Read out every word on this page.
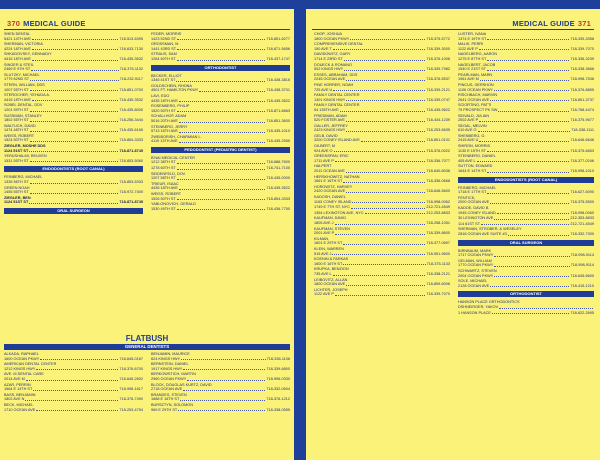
370 MEDICAL GUIDE
SHEN DENTAL
5421 14TH AVE	718-513-6395
SHERMAN, VICTORIA
4224 18TH AVE	718-633-7130
SHKADOVSKY, GENNADIY
4415 18TH AVE	718-435-3532
SINGER & STEIL
2469 E 9TH ST	718-376-1132
SLUTZKY, MICHAEL
1779 62ND ST	718-232-9117
STERN, WILLIAM, DDS
1007 55TH ST	718-851-0700
STEROCHER, YEHUDA A.
4415 18TH AVE	718-435-3532
SOBEL DENTAL, DDV
1201 59TH ST	718-435-8000
SUSSMAN, STANLEY
1802 55TH ST	718-256-3444
WALTUCH, DAVID
1474 48TH ST	718-435-6166
WEISS, ROBERT
1524 50TH ST	718-854-3333
ZIEGLER, MOSHE DDS
1124 51ST ST	718-871-8745
YERUSHALMI, REUVEN
1531 55TH ST	718-853-5060
ENDODONTISTS (ROOT CANAL)
FEINBERG, MICHAEL
1335 56TH ST	718-853-5333
GREEN NOAH
1455 55TH ST	718-972-7400
ZIEGLER, BEN
1124 51ST ST	718-871-8745
ORAL SURGEON
FEDER, MORRIS
1423 52ND ST	718-851-6277
GROSSMAN, M
1441 43RD ST	718-871-5656
STRAUS, SAM
1264 60TH ST	718-437-1747
ORTHODONTIST
BECKER, ELLIOT
1346 41ST ST	718-438-3816
GOLDSCHEIN, RHONA
4501 FT. HAMILTON PKWY	718-438-3701
LAVI, EDO
4435 18TH AVE	718-435-3522
ROSENBERG, PHILIP
1520 50TH ST	718-871-6663
SCHALLHOF, ADAM
5016 20TH AVE	718-851-3600
STEINBERG, JERRY
5713 16TH AVE	718-435-1010
ZWEIBORISH, CHARMIAN L.
4119 13TH AVE	718-435-2555
PEDODONTIST (PEDIATRIC DENTIST)
B'NAI MEDICAL CENTER
1212 38TH ST	718-686-7600
1278 60TH ST	718-741-7100
SEIDENFELD, DOV
1207 58TH ST	718-435-0000
TRIEUR, ISAAC
4435 18TH AVE	718-435-3522
WEISS, ROBERT
1526 50TH ST	718-854-3333
YABLONOVICH, GERALD
1530 49TH ST	718-436-7750
FLATBUSH
GENERAL DENTISTS
ALKADA, RAPHAEL
1600 OCEAN PKWY	718-645-0167
AMERICAN DENTAL CENTER
1212 KINGS HWY	718-376-6700
AVE. M DENTAL CARE
2014 AVE M	718-645-2602
AZAR, PERRIN
1664 E 14TH ST	718-998-1617
BASS, BENJAMIN
1802 AVE N	718-376-7490
BECK, MICHAEL
1710 OCEAN AVE	718-253-4754
BENJAMIN, MAURICE
624 KINGS HWY	718-336-1106
BERNSTEIN, DANIEL
1917 KINGS HWY	718-339-6800
BERKOWSTICH, MARTIN
2960 OCEAN PKWY	718-996-0330
BLOCK, DOUGLAS KURTZ, DAVID
2718 OCEAN AVE	718-332-0604
BRANDES, STEVEN
1688 E 16TH ST	718-376-1212
BURSZTYN, SOLOMON
969 E 29TH ST	718-338-0555
MEDICAL GUIDE 371
CHOP, JOSHUA
1800 OCEAN PKWY	718-375-5772
COMPREHENSIVE DENTAL
150 AVE T	718-339-3000
DAVIDOWITZ, GARY
1714 E 23RD ST	718-376-1006
DOUECK & ROMANO
502 KINGS HWY	718-339-7982
ESSES, ABRAHAM, DDS
2245 OCEAN AVE	718-376-5537
FINE HORRER, NOAH
725 AVE U	718-339-2121
FAMILY DENTAL CENTER
1301 KINGS HWY	718-339-0747
FAMILY DENTAL CENTER
54 135TH AVE	718-435-9622
FRIEDMAN, ADAM
520 FOSTER AVE	718-434-1239
GALLER, JEFFREY
2423 KINGS HWY	718-253-6635
GELB, DAVID
3200 CONEY ISLAND AVE	718-891-0101
GILBERT, M
924 AVE O	718-376-0022
GREENSPAN, ERIC
1711 AVE P	718-336-7077
HALPERT
2011 OCEAN AVE	718-640-8036
HERSKHOWITZ, NATHAN
1661 E 16TH ST	718-336-0668
HOROWITZ, HARVEY
2420 OCEAN AVE	718-646-5600
KADOSH, DANIEL
1163 CONEY ISLAND	718-998-0062
1749 E 7TH ST, NYC	212-721-4549
1354 LEXINGTON AVE, NYC	212-253-8833
KAUFMAN, DAVID
1805 AVE J	718-258-1051
KAUFMAN, STEVEN
2001 AVE P	718-339-8600
KILMAN,
1601 E 29TH ST	718-377-0697
KLEIN, WARREN
515 AVE J	718-951-9600
KOENIN & FARKAS
1600 E 16TH ST	718-375-1133
KRUPKA, BENZION
735 AVE L	718-338-2121
LEIBOVITZ, ALLAN
1800 OCEAN AVE	718-859-6006
LICHTER, JOSEPH
1122 AVE P	718-339-7070
LUSTER, IVANA
1374 E 19TH ST	718-339-3358
MALIK, PERRI
1122 AVE P	718-339-7070
NAGELBERG, AARON
1275 E 87TH ST	718-336-3239
NAGELBERT, JACOB
1540 E 21ST ST	718-338-3666
PEARLMAN, MARN
1961 AVE M	718-998-7536
PINCUS, GERSHON
1106 OCEAN PKWY	718-376-8855
RISCHBACH, MARVIN
2641 OCEAN AVE	718-891-3737
SCIORTINO, PATTI
79 PROSPECT PK SW	718-768-4474
SEIVALD, JULIAN
2502 AVE P	718-375-9677
SEGAL, MELVIN
610 AVE O	718-338-1111
SHENBERG, G.
2415 AVE U	718-646-6646
SHIRON, MORRIS
1130 E 15TH ST	718-375-6653
STEINBERG, DANIEL
405 AVE L	718-377-0246
SUTTON, EDWARD
1644 E 14TH ST	718-998-1010
ENDODONTISTS (ROOT CANAL)
FEINBERG, MICHAEL
1718 E 17TH ST	718-627-5090
FENTICK,
2000 OCEAN AVE	718-375-5500
KADOE, DAVID B.
1945 CONEY ISLAND	718-998-0060
30 LEXINGTON AVE	212-353-8833
114 61ST ST	212-721-4549
SHERMAN, STROBER, & WESELEY
2818 OCEAN AVE SUITE #3	718-332-7300
ORAL SURGEON
BIRNBAUM, MARK
1717 OCEAN PKWY	718-998-9114
GELMAN, WILLIAM
1770 OCEAN PKWY	718-998-9114
SCHWARTZ, STEVEN
2004 OCEAN PKWY	718-645-6600
SOLE, MICHAEL
2128 OCEAN AVE	718-415-1210
ORTHODONTIST
HANSON PLACE ORTHODONTICS
DSHNEIRGER, YAKOV
1 HANSON PLACE	718-622-2695
